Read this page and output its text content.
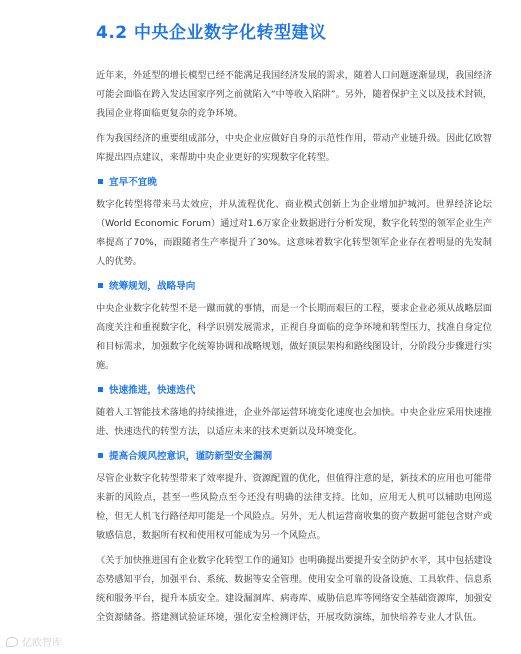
4.2 中央企业数字化转型建议

近年来，外延型的增长模型已经不能满足我国经济发展的需求，随着人口问题逐渐显现，我国经济可能会面临在跨入发达国家序列之前就陷入“中等收入陷阱”。另外，随着保护主义以及技术封锁，我国企业将面临更复杂的竞争环境。

作为我国经济的重要组成部分，中央企业应做好自身的示范性作用，带动产业链升级。因此亿欧智库提出四点建议，来帮助中央企业更好的实现数字化转型。

宜早不宜晚

数字化转型将带来马太效应，并从流程优化、商业模式创新上为企业增加护城河。世界经济论坛（World Economic Forum）通过对1.6万家企业数据进行分析发现，数字化转型的领军企业生产率提高了70%，而跟随者生产率提升了30%。这意味着数字化转型领军企业存在着明显的先发制人的优势。

统筹规划，战略导向

中央企业数字化转型不是一蹴而就的事情，而是一个长期而艰巨的工程，要求企业必须从战略层面高度关注和重视数字化，科学识别发展需求，正视自身面临的竞争环境和转型压力，找准自身定位和目标需求，加强数字化统筹协调和战略规划，做好顶层架构和路线图设计，分阶段分步骤进行实施。

快速推进，快速迭代

随着人工智能技术落地的持续推进，企业外部运营环境变化速度也会加快。中央企业应采用快速推进、快速迭代的转型方法，以适应未来的技术更新以及环境变化。

提高合规风控意识，谨防新型安全漏洞

尽管企业数字化转型带来了效率提升、资源配置的优化，但值得注意的是，新技术的应用也可能带来新的风险点，甚至一些风险点至今还没有明确的法律支持。比如，应用无人机可以辅助电网巡检，但无人机飞行路径却可能是一个风险点。另外，无人机运营商收集的资产数据可能包含财产或敏感信息，数据所有权和使用权可能成为另一个风险点。

《关于加快推进国有企业数字化转型工作的通知》也明确提出要提升安全防护水平，其中包括建设态势感知平台，加强平台、系统、数据等安全管理。使用安全可靠的设备设施、工具软件、信息系统和服务平台，提升本质安全。建设漏洞库、病毒库、威胁信息库等网络安全基础资源库，加强安全资源储备。搭建测试验证环境，强化安全检测评估，开展攻防演练，加快培养专业人才队伍。

亿欧智库
